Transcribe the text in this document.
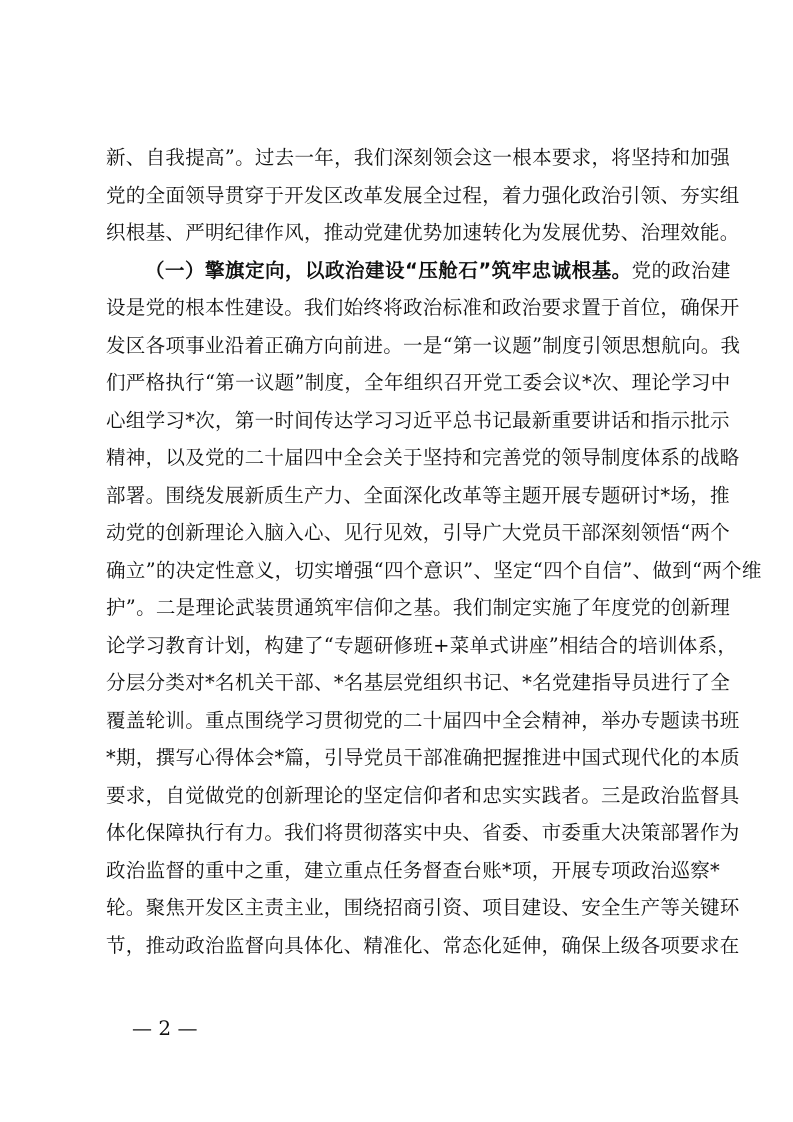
新、自我提高”。过去一年，我们深刻领会这一根本要求，将坚持和加强
党的全面领导贯穿于开发区改革发展全过程，着力强化政治引领、夯实组
织根基、严明纪律作风，推动党建优势加速转化为发展优势、治理效能。
（一）擎旗定向，以政治建设“压舱石”筑牢忠诚根基。党的政治建
设是党的根本性建设。我们始终将政治标准和政治要求置于首位，确保开
发区各项事业沿着正确方向前进。一是“第一议题”制度引领思想航向。我
们严格执行“第一议题”制度，全年组织召开党工委会议*次、理论学习中
心组学习*次，第一时间传达学习习近平总书记最新重要讲话和指示批示
精神，以及党的二十届四中全会关于坚持和完善党的领导制度体系的战略
部署。围绕发展新质生产力、全面深化改革等主题开展专题研讨*场，推
动党的创新理论入脑入心、见行见效，引导广大党员干部深刻领悟“两个
确立”的决定性意义，切实增强“四个意识”、坚定“四个自信”、做到“两个维
护”。二是理论武装贯通筑牢信仰之基。我们制定实施了年度党的创新理
论学习教育计划，构建了“专题研修班+菜单式讲座”相结合的培训体系，
分层分类对*名机关干部、*名基层党组织书记、*名党建指导员进行了全
覆盖轮训。重点围绕学习贯彻党的二十届四中全会精神，举办专题读书班
*期，撰写心得体会*篇，引导党员干部准确把握推进中国式现代化的本质
要求，自觉做党的创新理论的坚定信仰者和忠实实践者。三是政治监督具
体化保障执行有力。我们将贯彻落实中央、省委、市委重大决策部署作为
政治监督的重中之重，建立重点任务督查台账*项，开展专项政治巡察*
轮。聚焦开发区主责主业，围绕招商引资、项目建设、安全生产等关键环
节，推动政治监督向具体化、精准化、常态化延伸，确保上级各项要求在
— 2 —
